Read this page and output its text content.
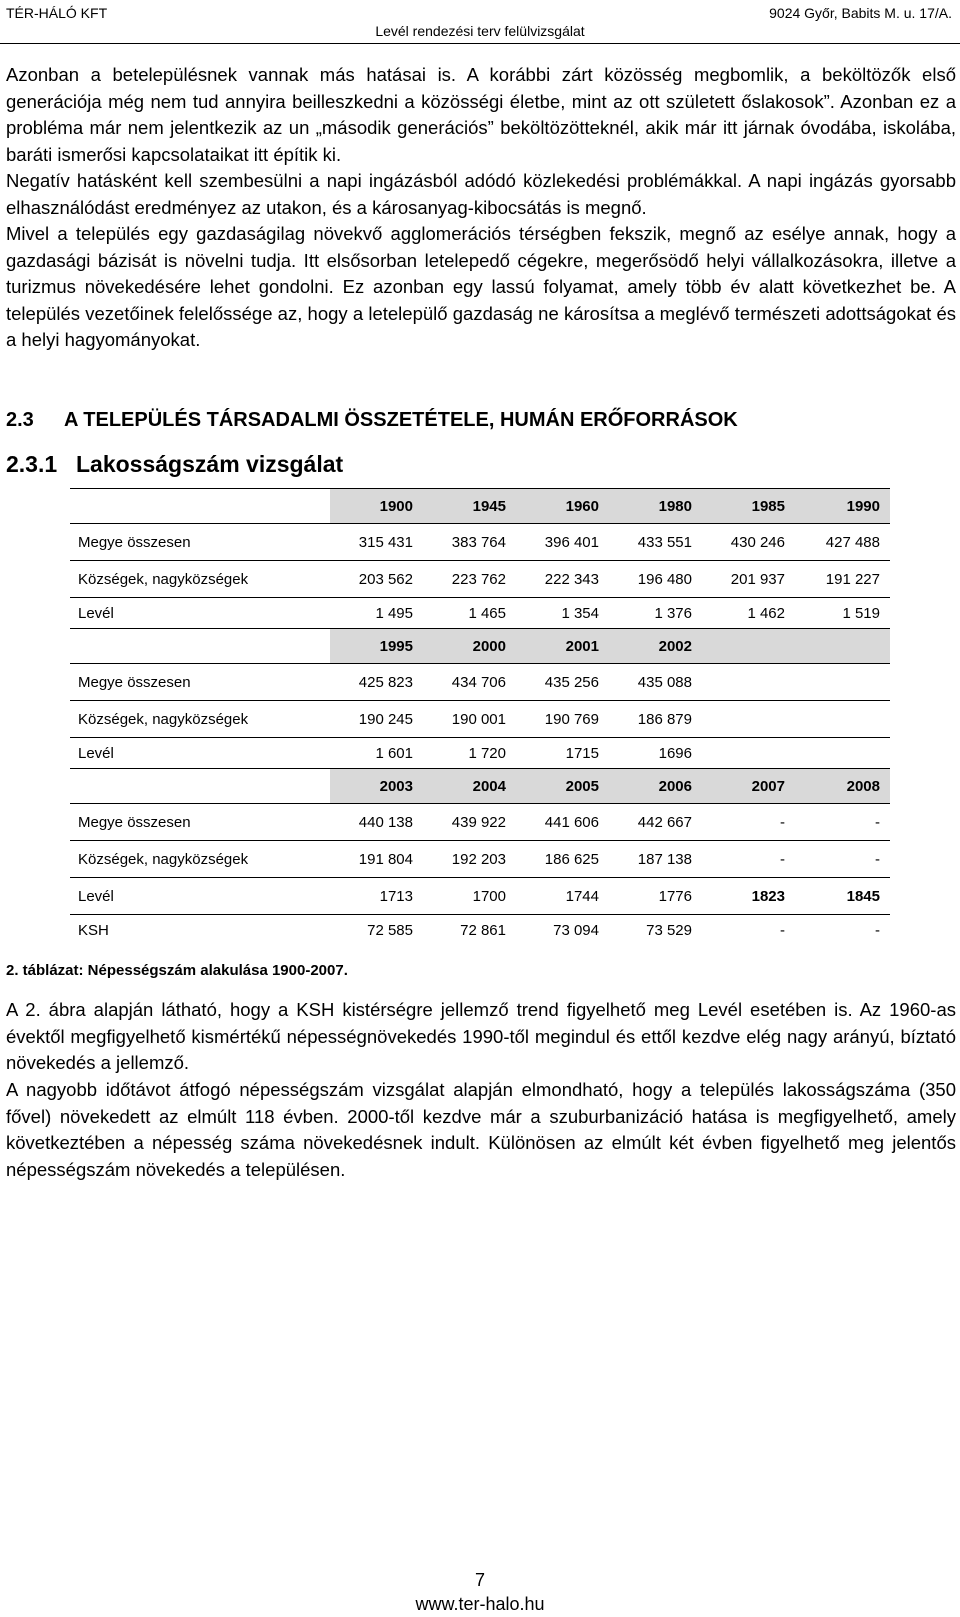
TÉR-HÁLÓ KFT	9024 Győr, Babits M. u. 17/A.
Levél rendezési terv felülvizsgálat

Azonban a betelepülésnek vannak más hatásai is. A korábbi zárt közösség megbomlik, a beköltözők első generációja még nem tud annyira beilleszkedni a közösségi életbe, mint az ott született őslakosok”. Azonban ez a probléma már nem jelentkezik az un „második generációs” beköltözötteknél, akik már itt járnak óvodába, iskolába, baráti ismerősi kapcsolataikat itt építik ki.

Negatív hatásként kell szembesülni a napi ingázásból adódó közlekedési problémákkal. A napi ingázás gyorsabb elhasználódást eredményez az utakon, és a károsanyag-kibocsátás is megnő.

Mivel a település egy gazdaságilag növekvő agglomerációs térségben fekszik, megnő az esélye annak, hogy a gazdasági bázisát is növelni tudja. Itt elsősorban letelepedő cégekre, megerősödő helyi vállalkozásokra, illetve a turizmus növekedésére lehet gondolni. Ez azonban egy lassú folyamat, amely több év alatt következhet be. A település vezetőinek felelőssége az, hogy a letelepülő gazdaság ne károsítsa a meglévő természeti adottságokat és a helyi hagyományokat.

2.3 A TELEPÜLÉS TÁRSADALMI ÖSSZETÉTELE, HUMÁN ERŐFORRÁSOK
2.3.1 Lakosságszám vizsgálat
	1900	1945	1960	1980	1985	1990
Megye összesen	315 431	383 764	396 401	433 551	430 246	427 488
Községek, nagyközségek	203 562	223 762	222 343	196 480	201 937	191 227
Levél	1 495	1 465	1 354	1 376	1 462	1 519
	1995	2000	2001	2002		
Megye összesen	425 823	434 706	435 256	435 088		
Községek, nagyközségek	190 245	190 001	190 769	186 879		
Levél	1 601	1 720	1715	1696		
	2003	2004	2005	2006	2007	2008
Megye összesen	440 138	439 922	441 606	442 667	-	-
Községek, nagyközségek	191 804	192 203	186 625	187 138	-	-
Levél	1713	1700	1744	1776	1823	1845
KSH	72 585	72 861	73 094	73 529	-	-
2. táblázat: Népességszám alakulása 1900-2007.

A 2. ábra alapján látható, hogy a KSH kistérségre jellemző trend figyelhető meg Levél esetében is. Az 1960-as évektől megfigyelhető kismértékű népességnövekedés 1990-től megindul és ettől kezdve elég nagy arányú, bíztató növekedés a jellemző.

A nagyobb időtávot átfogó népességszám vizsgálat alapján elmondható, hogy a település lakosságszáma (350 fővel) növekedett az elmúlt 118 évben. 2000-től kezdve már a szuburbanizáció hatása is megfigyelhető, amely következtében a népesség száma növekedésnek indult. Különösen az elmúlt két évben figyelhető meg jelentős népességszám növekedés a településen.

7
www.ter-halo.hu
